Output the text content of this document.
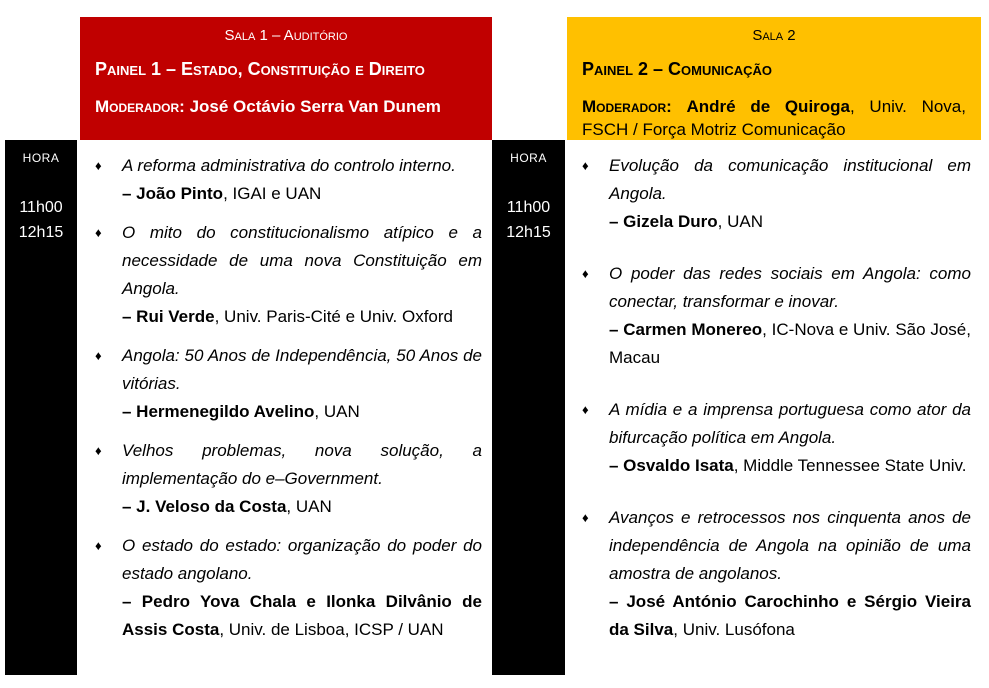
HORA
11h00
12h15
Sala 1 – Auditório
Painel 1 – Estado, Constituição e Direito
Moderador: José Octávio Serra Van Dunem
♦	A reforma administrativa do controlo interno.
– João Pinto, IGAI e UAN
♦	O mito do constitucionalismo atípico e a necessidade de uma nova Constituição em Angola.
– Rui Verde, Univ. Paris-Cité e Univ. Oxford
♦	Angola: 50 Anos de Independência, 50 Anos de vitórias.
– Hermenegildo Avelino, UAN
♦	Velhos problemas, nova solução, a implementação do e–Government.
– J. Veloso da Costa, UAN
♦	O estado do estado: organização do poder do estado angolano.
– Pedro Yova Chala e Ilonka Dilvânio de Assis Costa, Univ. de Lisboa, ICSP / UAN
HORA
11h00
12h15
Sala 2
Painel 2 – Comunicação
Moderador: André de Quiroga, Univ. Nova, FSCH / Força Motriz Comunicação
♦	Evolução da comunicação institucional em Angola.
– Gizela Duro, UAN
♦	O poder das redes sociais em Angola: como conectar, transformar e inovar.
– Carmen Monereo, IC-Nova e Univ. São José, Macau
♦	A mídia e a imprensa portuguesa como ator da bifurcação política em Angola.
– Osvaldo Isata, Middle Tennessee State Univ.
♦	Avanços e retrocessos nos cinquenta anos de independência de Angola na opinião de uma amostra de angolanos.
– José António Carochinho e Sérgio Vieira da Silva, Univ. Lusófona
